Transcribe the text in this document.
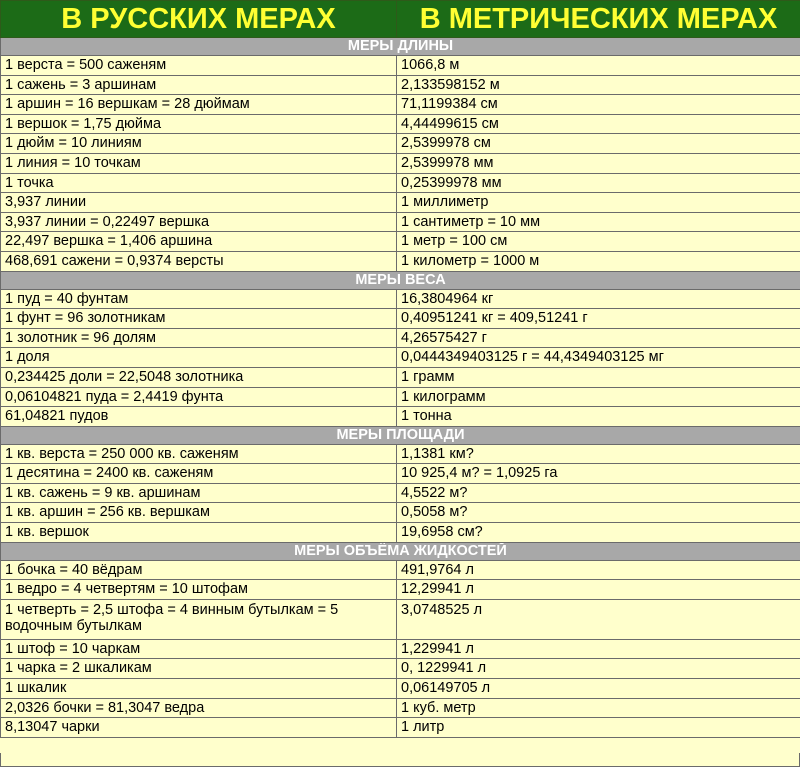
В РУССКИХ МЕРАХ	В МЕТРИЧЕСКИХ МЕРАХ
МЕРЫ ДЛИНЫ	
1 верста = 500 саженям	1066,8 м
1 сажень = 3 аршинам	2,133598152 м
1 аршин = 16 вершкам = 28 дюймам	71,1199384 см
1 вершок = 1,75 дюйма	4,44499615 см
1 дюйм = 10 линиям	2,5399978 см
1 линия = 10 точкам	2,5399978 мм
1 точка	0,25399978 мм
3,937 линии	1 миллиметр
3,937 линии = 0,22497 вершка	1 сантиметр = 10 мм
22,497 вершка = 1,406 аршина	1 метр = 100 см
468,691 сажени = 0,9374 версты	1 километр = 1000 м
МЕРЫ ВЕСА	
1 пуд = 40 фунтам	16,3804964 кг
1 фунт = 96 золотникам	0,40951241 кг = 409,51241 г
1 золотник = 96 долям	4,26575427 г
1 доля	0,0444349403125 г = 44,4349403125 мг
0,234425 доли = 22,5048 золотника	1 грамм
0,06104821 пуда = 2,4419 фунта	1 килограмм
61,04821 пудов	1 тонна
МЕРЫ ПЛОЩАДИ	
1 кв. верста = 250 000 кв. саженям	1,1381 км?
1 десятина = 2400 кв. саженям	10 925,4 м? = 1,0925 га
1 кв. сажень = 9 кв. аршинам	4,5522 м?
1 кв. аршин = 256 кв. вершкам	0,5058 м?
1 кв. вершок	19,6958 см?
МЕРЫ ОБЪЁМА ЖИДКОСТЕЙ	
1 бочка = 40 вёдрам	491,9764 л
1 ведро = 4 четвертям = 10 штофам	12,29941 л
1 четверть = 2,5 штофа = 4 винным бутылкам = 5 водочным бутылкам	3,0748525 л
1 штоф = 10 чаркам	1,229941 л
1 чарка = 2 шкаликам	0, 1229941 л
1 шкалик	0,06149705 л
2,0326 бочки = 81,3047 ведра	1 куб. метр
8,13047 чарки	1 литр
